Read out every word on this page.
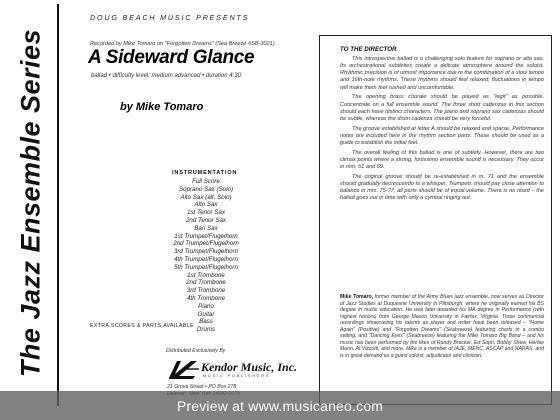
The Jazz Ensemble Series
DOUG BEACH MUSIC PRESENTS
Recorded by Mike Tomaro on "Forgotten Dreams" (Sea Breeze #SB-3021)
A Sideward Glance
ballad • difficulty level: medium advanced • duration 4:30
by Mike Tomaro
INSTRUMENTATION
Full Score
Soprano Sax (Solo)
Alto Sax (alt. Solo)
Alto Sax
1st Tenor Sax
2nd Tenor Sax
Bari Sax
1st Trumpet/Flugelhorn
2nd Trumpet/Flugelhorn
3rd Trumpet/Flugelhorn
4th Trumpet/Flugelhorn
5th Trumpet/Flugelhorn
1st Trombone
2nd Trombone
3rd Trombone
4th Trombone
Piano
Guitar
Bass
Drums
EXTRA SCORES & PARTS AVAILABLE
Distributed Exclusively By
Kendor Music, Inc.
MUSIC PUBLISHERS
21 Grove Street • PO Box 278
TO THE DIRECTOR

This introspective ballad is a challenging solo feature for soprano or alto sax. Its orchestrational subtleties create a delicate atmosphere around the soloist. Rhythmic precision is of utmost importance due to the combination of a slow tempo and 16th-note rhythms. These rhythms should feel relaxed; fluctuations in tempo will make them feel rushed and uncomfortable.

The opening brass chorale should be played as "legit" as possible. Concentrate on a full ensemble sound. The three short cadenzas in this section should each have distinct characters. The piano and soprano sax cadenzas should be subtle, whereas the drum cadenza should be very forceful.

The groove established at letter A should be relaxed and sparse. Performance notes are included here in the rhythm section parts. These should be used as a guide to establish the initial feel.

The overall feeling of this ballad is one of subtlety. However, there are two climax points where a strong, fortissimo ensemble sound is necessary. They occur in mm. 61 and 69.

The original groove should be re-established in m. 71 and the ensemble should gradually decrescendo to a whisper. Trumpets should pay close attention to balance in mm. 75-77; all parts should be of equal volume. There is no ritard – the ballad goes out in time with only a cymbal ringing out.

Mike Tomaro, former member of the Army Blues jazz ensemble, now serves as Director of Jazz Studies at Duquesne University in Pittsburgh, where he originally earned his BS degree in music education. He was later awarded his MA degree in Performance (with highest honors) from George Mason University in Fairfax, Virginia. Three commercial recordings showcasing his talents as player and writer have been released – "Home Again" (Positive) and "Forgotten Dreams" (Seabreeze) featuring charts in a combo setting, and "Dancing Eyes" (Seabreeze) featuring the Mike Tomaro Big Band – and his music has been performed by the likes of Randy Brecker, Ed Soph, Bobby Shew, Herbie Mann, Al Vizzutti, and more. Mike is a member of IAJE, MENC, ASCAP and NARAS, and is in great demand as a guest soloist, adjudicator and clinician.

Preview at www.musicaneo.com
